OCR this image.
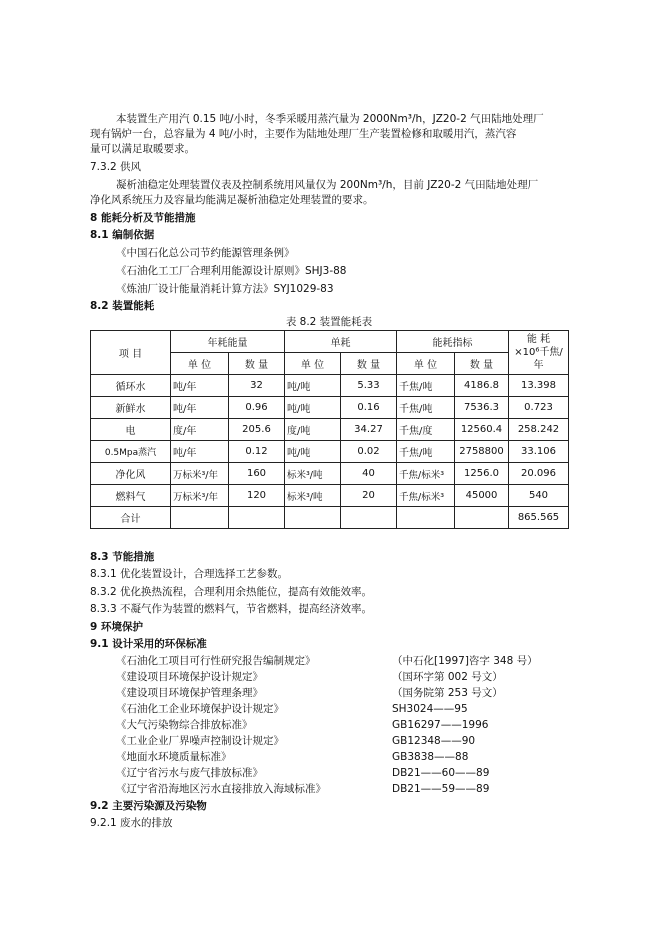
本装置生产用汽 0.15 吨/小时，冬季采暖用蒸汽量为 2000Nm³/h，JZ20-2 气田陆地处理厂
现有锅炉一台，总容量为 4 吨/小时，主要作为陆地处理厂生产装置检修和取暖用汽，蒸汽容
量可以满足取暖要求。
7.3.2 供风
凝析油稳定处理装置仪表及控制系统用风量仅为 200Nm³/h，目前 JZ20-2 气田陆地处理厂
净化风系统压力及容量均能满足凝析油稳定处理装置的要求。
8 能耗分析及节能措施
8.1 编制依据
《中国石化总公司节约能源管理条例》
《石油化工工厂合理利用能源设计原则》SHJ3-88
《炼油厂设计能量消耗计算方法》SYJ1029-83
8.2 装置能耗
表 8.2 装置能耗表
项 目	年耗能量		单耗		能耗指标		能 耗
×10⁶千焦/年
	单 位	数 量	单 位	数 量	单 位	数 量	
循环水	吨/年	32	吨/吨	5.33	千焦/吨	4186.8	13.398
新鲜水	吨/年	0.96	吨/吨	0.16	千焦/吨	7536.3	0.723
电	度/年	205.6	度/吨	34.27	千焦/度	12560.4	258.242
0.5Mpa蒸汽	吨/年	0.12	吨/吨	0.02	千焦/吨	2758800	33.106
净化风	万标米³/年	160	标米³/吨	40	千焦/标米³	1256.0	20.096
燃料气	万标米³/年	120	标米³/吨	20	千焦/标米³	45000	540
合计							865.565
8.3 节能措施
8.3.1 优化装置设计，合理选择工艺参数。
8.3.2 优化换热流程，合理利用余热能位，提高有效能效率。
8.3.3 不凝气作为装置的燃料气，节省燃料，提高经济效率。
9 环境保护
9.1 设计采用的环保标准
《石油化工项目可行性研究报告编制规定》	（中石化[1997]咨字 348 号）
《建设项目环境保护设计规定》	（国环字第 002 号文）
《建设项目环境保护管理条理》	（国务院第 253 号文）
《石油化工企业环境保护设计规定》	SH3024——95
《大气污染物综合排放标准》	GB16297——1996
《工业企业厂界噪声控制设计规定》	GB12348——90
《地面水环境质量标准》	GB3838——88
《辽宁省污水与废气排放标准》	DB21——60——89
《辽宁省沿海地区污水直接排放入海域标准》	DB21——59——89
9.2 主要污染源及污染物
9.2.1 废水的排放
